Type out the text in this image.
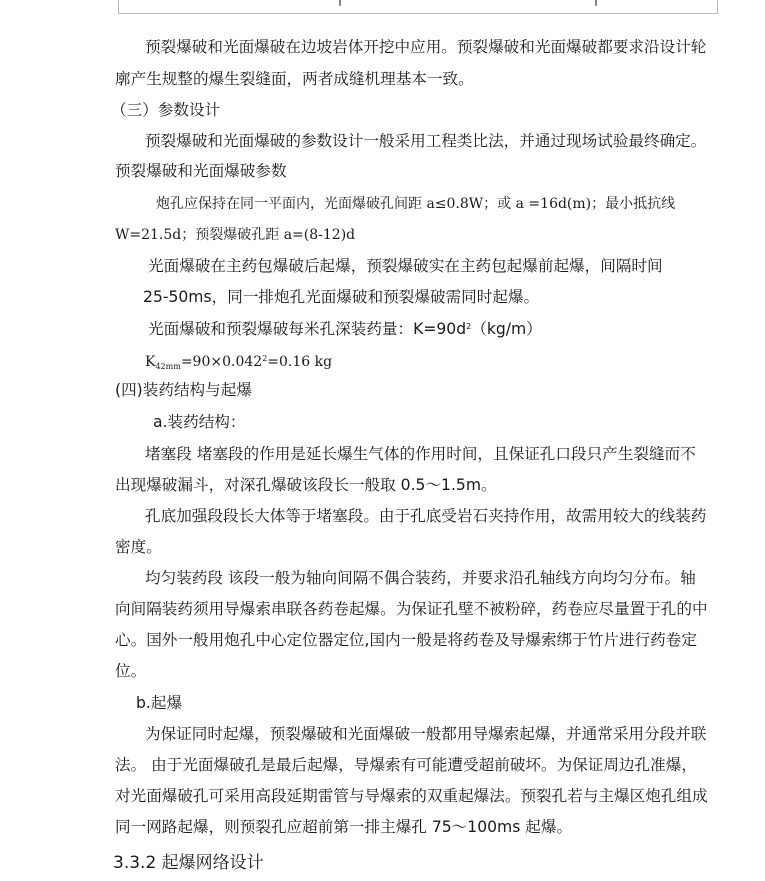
预裂爆破和光面爆破在边坡岩体开挖中应用。预裂爆破和光面爆破都要求沿设计轮
廓产生规整的爆生裂缝面，两者成缝机理基本一致。
（三）参数设计
预裂爆破和光面爆破的参数设计一般采用工程类比法，并通过现场试验最终确定。
预裂爆破和光面爆破参数
炮孔应保持在同一平面内，光面爆破孔间距 a≤0.8W；或 a =16d(m)；最小抵抗线
W=21.5d；预裂爆破孔距 a=(8-12)d
光面爆破在主药包爆破后起爆，预裂爆破实在主药包起爆前起爆，间隔时间
25-50ms，同一排炮孔光面爆破和预裂爆破需同时起爆。
光面爆破和预裂爆破每米孔深装药量：$K=90d^2(kg/m)$
$K_{42mm}=90\times 0.042^2=0.16$ kg
(四)装药结构与起爆
a.装药结构：
堵塞段 堵塞段的作用是延长爆生气体的作用时间，且保证孔口段只产生裂缝而不
出现爆破漏斗，对深孔爆破该段长一般取 0.5～1.5m。
孔底加强段段长大体等于堵塞段。由于孔底受岩石夹持作用，故需用较大的线装药
密度。
均匀装药段 该段一般为轴向间隔不偶合装药，并要求沿孔轴线方向均匀分布。轴
向间隔装药须用导爆索串联各药卷起爆。为保证孔壁不被粉碎，药卷应尽量置于孔的中
心。国外一般用炮孔中心定位器定位,国内一般是将药卷及导爆索绑于竹片进行药卷定
位。
b.起爆
为保证同时起爆，预裂爆破和光面爆破一般都用导爆索起爆，并通常采用分段并联
法。 由于光面爆破孔是最后起爆，导爆索有可能遭受超前破坏。为保证周边孔准爆，
对光面爆破孔可采用高段延期雷管与导爆索的双重起爆法。预裂孔若与主爆区炮孔组成
同一网路起爆，则预裂孔应超前第一排主爆孔 75～100ms 起爆。
3.3.2 起爆网络设计
